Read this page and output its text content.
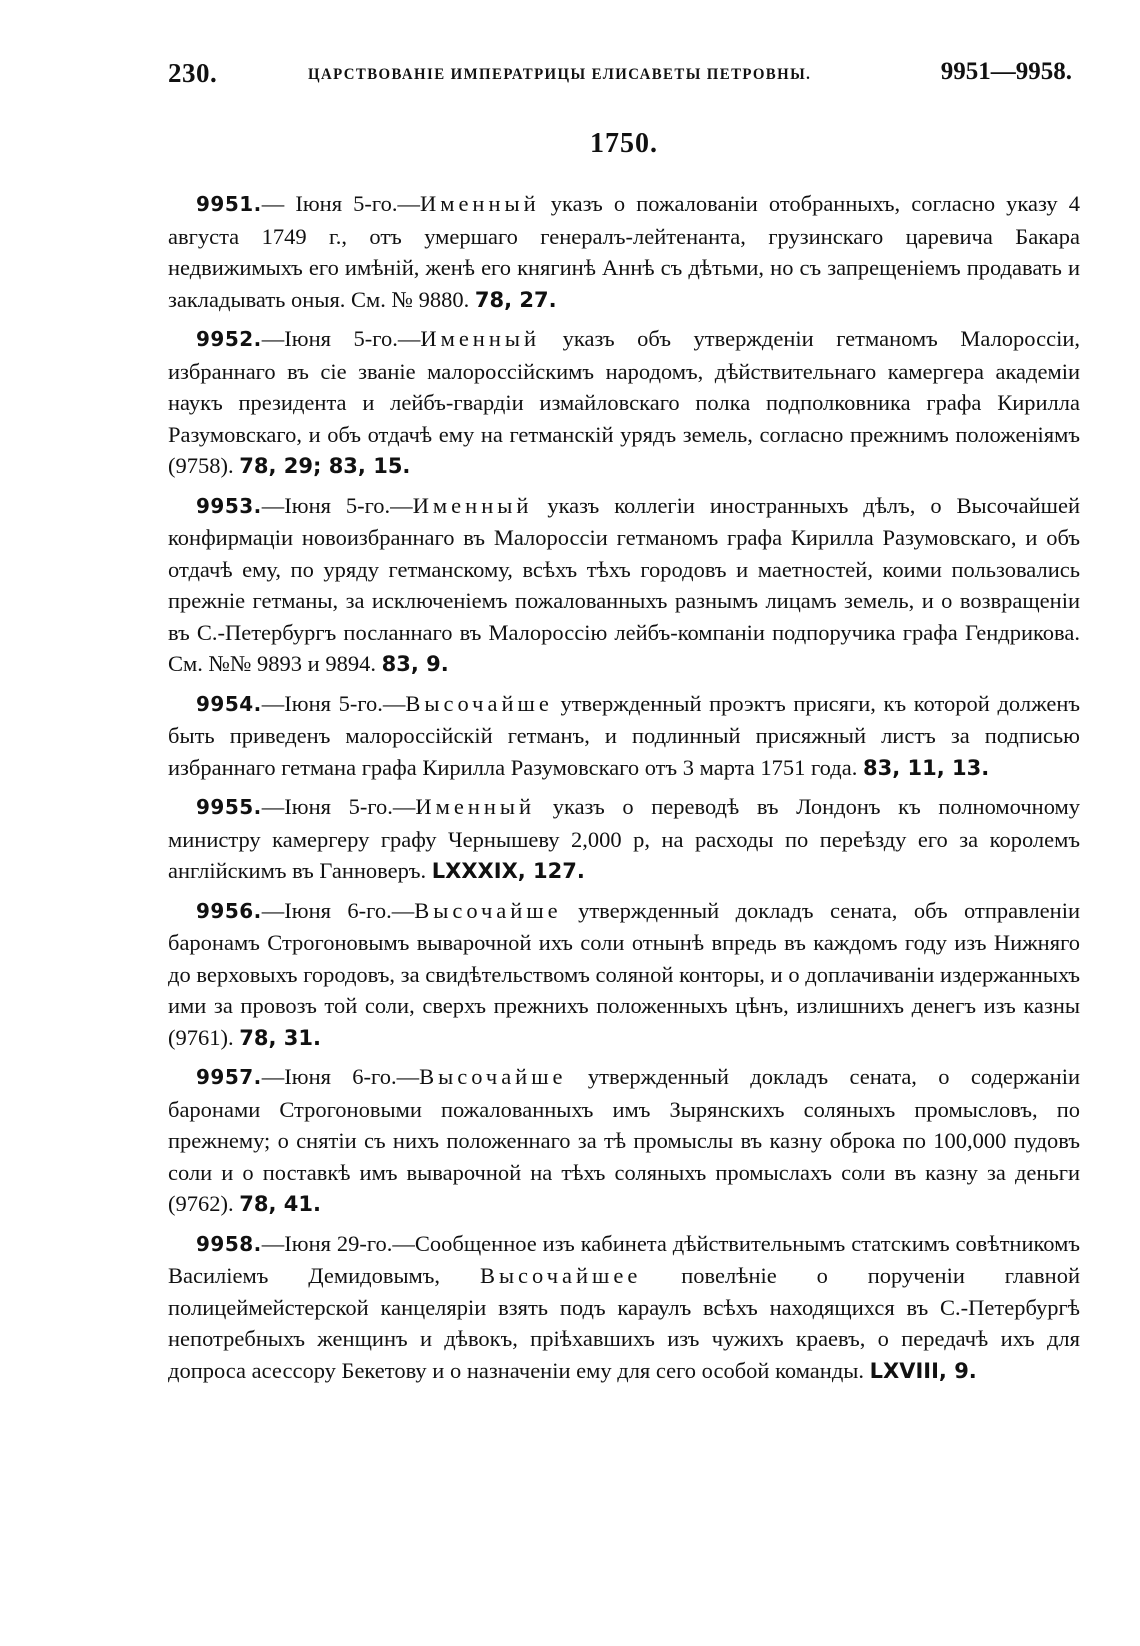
230.	ЦАРСТВОВАНІЕ ИМПЕРАТРИЦЫ ЕЛИСАВЕТЫ ПЕТРОВНЫ.	9951—9958.
1750.
9951.— Іюня 5-го.—Именный указъ о пожалованіи отобранныхъ, согласно указу 4 августа 1749 г., отъ умершаго генералъ-лейтенанта, грузинскаго царевича Бакара недвижимыхъ его имѣній, женѣ его княгинѣ Аннѣ съ дѣтьми, но съ запрещеніемъ продавать и закладывать оныя. См. № 9880. 78, 27.
9952.—Іюня 5-го.—Именный указъ объ утвержденіи гетманомъ Малороссіи, избраннаго въ сіе званіе малороссійскимъ народомъ, дѣйствительнаго камергера академіи наукъ президента и лейбъ-гвардіи измайловскаго полка подполковника графа Кирилла Разумовскаго, и объ отдачѣ ему на гетманскій урядъ земель, согласно прежнимъ положеніямъ (9758). 78, 29; 83, 15.
9953.—Іюня 5-го.—Именный указъ коллегіи иностранныхъ дѣлъ, о Высочайшей конфирмаціи новоизбраннаго въ Малороссіи гетманомъ графа Кирилла Разумовскаго, и объ отдачѣ ему, по уряду гетманскому, всѣхъ тѣхъ городовъ и маетностей, коими пользовались прежніе гетманы, за исключеніемъ пожалованныхъ разнымъ лицамъ земель, и о возвращеніи въ С.-Петербургъ посланнаго въ Малороссію лейбъ-компаніи подпоручика графа Гендрикова. См. №№ 9893 и 9894. 83, 9.
9954.—Іюня 5-го.—Высочайше утвержденный проэктъ присяги, къ которой долженъ быть приведенъ малороссійскій гетманъ, и подлинный присяжный листъ за подписью избраннаго гетмана графа Кирилла Разумовскаго отъ 3 марта 1751 года. 83, 11, 13.
9955.—Іюня 5-го.—Именный указъ о переводѣ въ Лондонъ къ полномочному министру камергеру графу Чернышеву 2,000 р, на расходы по переѣзду его за королемъ англійскимъ въ Ганноверъ. LXXXIX, 127.
9956.—Іюня 6-го.—Высочайше утвержденный докладъ сената, объ отправленіи баронамъ Строгоновымъ выварочной ихъ соли отнынѣ впредь въ каждомъ году изъ Нижняго до верховыхъ городовъ, за свидѣтельствомъ соляной конторы, и о доплачиваніи издержанныхъ ими за провозъ той соли, сверхъ прежнихъ положенныхъ цѣнъ, излишнихъ денегъ изъ казны (9761). 78, 31.
9957.—Іюня 6-го.—Высочайше утвержденный докладъ сената, о содержаніи баронами Строгоновыми пожалованныхъ имъ Зырянскихъ соляныхъ промысловъ, по прежнему; о снятіи съ нихъ положеннаго за тѣ промыслы въ казну оброка по 100,000 пудовъ соли и о поставкѣ имъ выварочной на тѣхъ соляныхъ промыслахъ соли въ казну за деньги (9762). 78, 41.
9958.—Іюня 29-го.—Сообщенное изъ кабинета дѣйствительнымъ статскимъ совѣтникомъ Василіемъ Демидовымъ, Высочайшее повелѣніе о порученіи главной полицеймейстерской канцеляріи взять подъ караулъ всѣхъ находящихся въ С.-Петербургѣ непотребныхъ женщинъ и дѣвокъ, пріѣхавшихъ изъ чужихъ краевъ, о передачѣ ихъ для допроса асессору Бекетову и о назначеніи ему для сего особой команды. LXVIII, 9.
